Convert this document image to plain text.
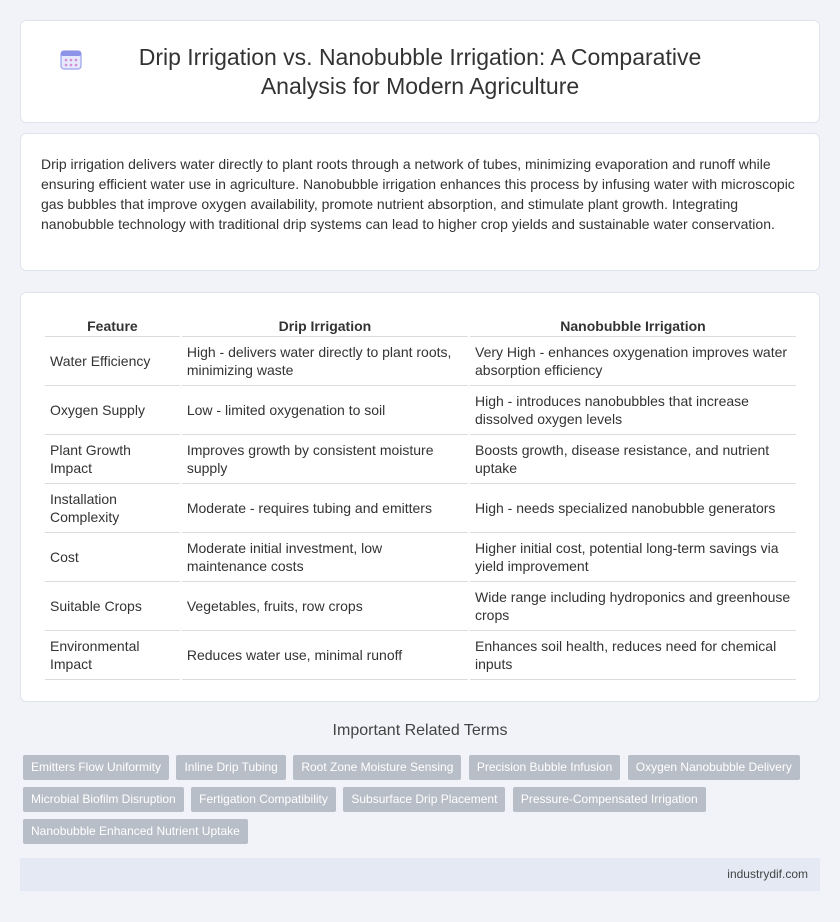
Drip Irrigation vs. Nanobubble Irrigation: A Comparative Analysis for Modern Agriculture

Drip irrigation delivers water directly to plant roots through a network of tubes, minimizing evaporation and runoff while ensuring efficient water use in agriculture. Nanobubble irrigation enhances this process by infusing water with microscopic gas bubbles that improve oxygen availability, promote nutrient absorption, and stimulate plant growth. Integrating nanobubble technology with traditional drip systems can lead to higher crop yields and sustainable water conservation.

Feature	Drip Irrigation	Nanobubble Irrigation
Water Efficiency	High - delivers water directly to plant roots, minimizing waste	Very High - enhances oxygenation improves water absorption efficiency
Oxygen Supply	Low - limited oxygenation to soil	High - introduces nanobubbles that increase dissolved oxygen levels
Plant Growth Impact	Improves growth by consistent moisture supply	Boosts growth, disease resistance, and nutrient uptake
Installation Complexity	Moderate - requires tubing and emitters	High - needs specialized nanobubble generators
Cost	Moderate initial investment, low maintenance costs	Higher initial cost, potential long-term savings via yield improvement
Suitable Crops	Vegetables, fruits, row crops	Wide range including hydroponics and greenhouse crops
Environmental Impact	Reduces water use, minimal runoff	Enhances soil health, reduces need for chemical inputs
Important Related Terms
Emitters Flow Uniformity Inline Drip Tubing Root Zone Moisture Sensing Precision Bubble Infusion Oxygen Nanobubble Delivery Microbial Biofilm Disruption Fertigation Compatibility Subsurface Drip Placement Pressure-Compensated Irrigation Nanobubble Enhanced Nutrient Uptake
industrydif.com
